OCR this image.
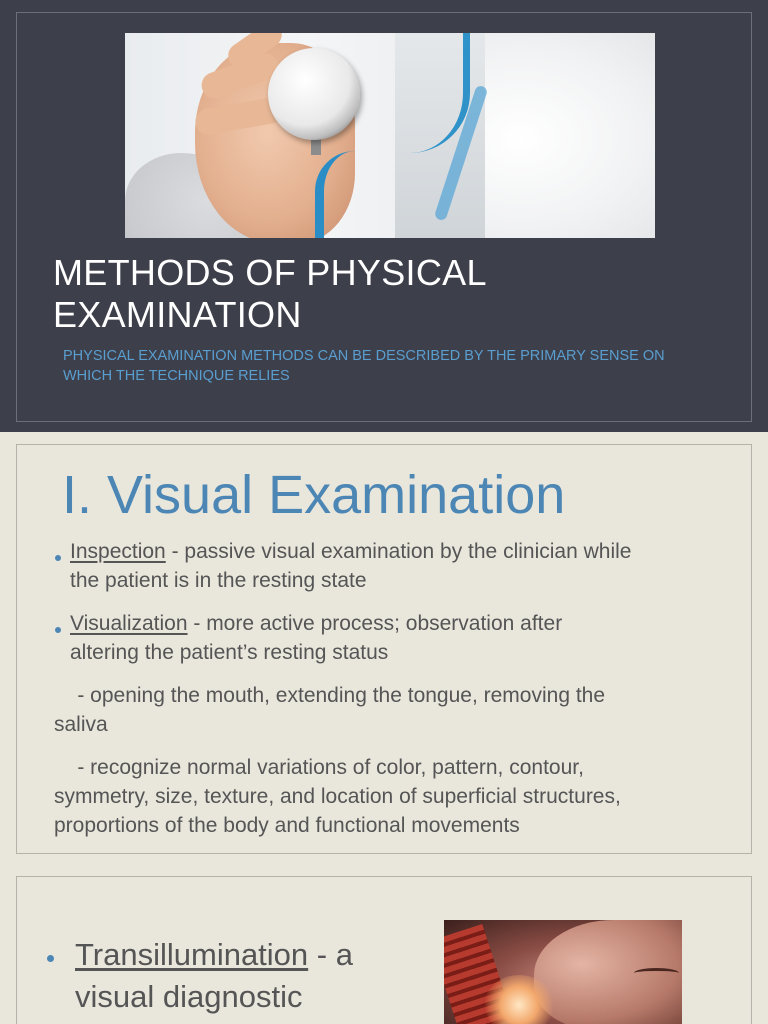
METHODS OF PHYSICAL EXAMINATION
PHYSICAL EXAMINATION METHODS CAN BE DESCRIBED BY THE PRIMARY SENSE ON WHICH THE TECHNIQUE RELIES
I. Visual Examination
Inspection - passive visual examination by the clinician while
the patient is in the resting state
Visualization - more active process; observation after
altering the patient’s resting status
- opening the mouth, extending the tongue, removing the
saliva
- recognize normal variations of color, pattern, contour,
symmetry, size, texture, and location of superficial structures,
proportions of the body and functional movements
Transillumination - a
visual diagnostic
